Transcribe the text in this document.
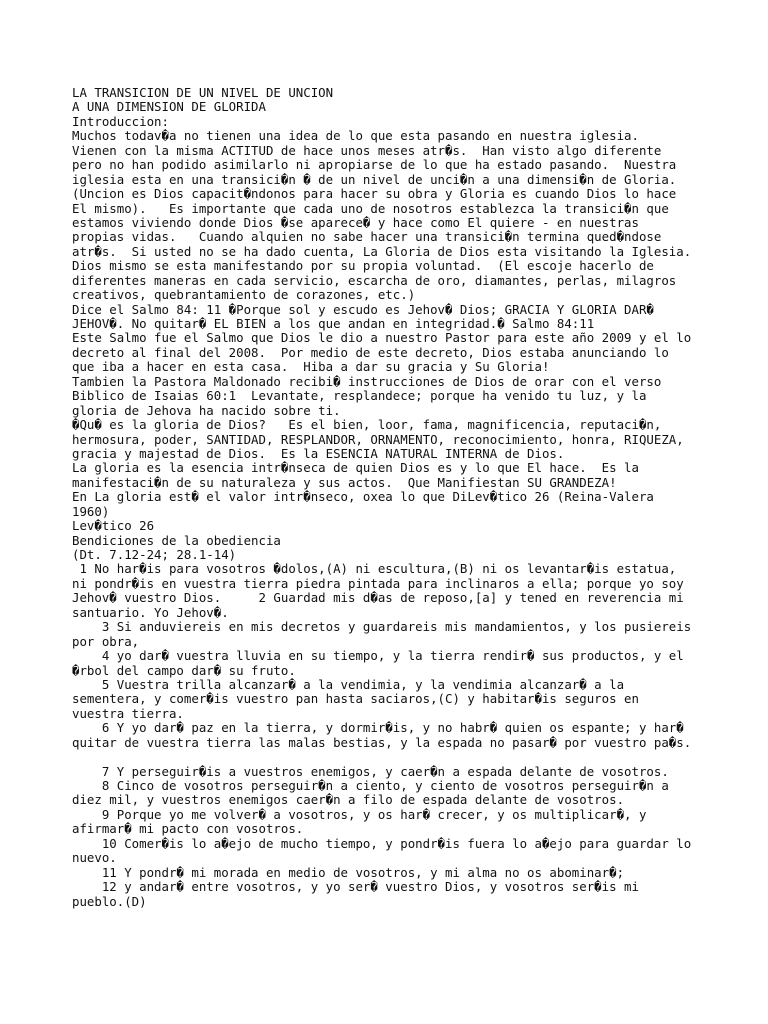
LA TRANSICION DE UN NIVEL DE UNCION
A UNA DIMENSION DE GLORIDA
Introduccion:
Muchos todav�a no tienen una idea de lo que esta pasando en nuestra iglesia.
Vienen con la misma ACTITUD de hace unos meses atr�s.  Han visto algo diferente
pero no han podido asimilarlo ni apropiarse de lo que ha estado pasando.  Nuestra
iglesia esta en una transici�n � de un nivel de unci�n a una dimensi�n de Gloria.
(Uncion es Dios capacit�ndonos para hacer su obra y Gloria es cuando Dios lo hace
El mismo).   Es importante que cada uno de nosotros establezca la transici�n que
estamos viviendo donde Dios �se aparece� y hace como El quiere - en nuestras
propias vidas.   Cuando alquien no sabe hacer una transici�n termina qued�ndose
atr�s.  Si usted no se ha dado cuenta, La Gloria de Dios esta visitando la Iglesia.
Dios mismo se esta manifestando por su propia voluntad.  (El escoje hacerlo de
diferentes maneras en cada servicio, escarcha de oro, diamantes, perlas, milagros
creativos, quebrantamiento de corazones, etc.)
Dice el Salmo 84: 11 �Porque sol y escudo es Jehov� Dios; GRACIA Y GLORIA DAR�
JEHOV�. No quitar� EL BIEN a los que andan en integridad.� Salmo 84:11
Este Salmo fue el Salmo que Dios le dio a nuestro Pastor para este año 2009 y el lo
decreto al final del 2008.  Por medio de este decreto, Dios estaba anunciando lo
que iba a hacer en esta casa.  Hiba a dar su gracia y Su Gloria!
Tambien la Pastora Maldonado recibi� instrucciones de Dios de orar con el verso
Biblico de Isaias 60:1  Levantate, resplandece; porque ha venido tu luz, y la
gloria de Jehova ha nacido sobre ti.
�Qu� es la gloria de Dios?   Es el bien, loor, fama, magnificencia, reputaci�n,
hermosura, poder, SANTIDAD, RESPLANDOR, ORNAMENTO, reconocimiento, honra, RIQUEZA,
gracia y majestad de Dios.  Es la ESENCIA NATURAL INTERNA de Dios.
La gloria es la esencia intr�nseca de quien Dios es y lo que El hace.  Es la
manifestaci�n de su naturaleza y sus actos.  Que Manifiestan SU GRANDEZA!
En La gloria est� el valor intr�nseco, oxea lo que DiLev�tico 26 (Reina-Valera
1960)
Lev�tico 26
Bendiciones de la obediencia
(Dt. 7.12-24; 28.1-14)
1 No har�is para vosotros �dolos,(A) ni escultura,(B) ni os levantar�is estatua,
ni pondr�is en vuestra tierra piedra pintada para inclinaros a ella; porque yo soy
Jehov� vuestro Dios.     2 Guardad mis d�as de reposo,[a] y tened en reverencia mi
santuario. Yo Jehov�.
3 Si anduviereis en mis decretos y guardareis mis mandamientos, y los pusiereis
por obra,
4 yo dar� vuestra lluvia en su tiempo, y la tierra rendir� sus productos, y el
�rbol del campo dar� su fruto.
5 Vuestra trilla alcanzar� a la vendimia, y la vendimia alcanzar� a la
sementera, y comer�is vuestro pan hasta saciaros,(C) y habitar�is seguros en
vuestra tierra.
6 Y yo dar� paz en la tierra, y dormir�is, y no habr� quien os espante; y har�
quitar de vuestra tierra las malas bestias, y la espada no pasar� por vuestro pa�s.
7 Y perseguir�is a vuestros enemigos, y caer�n a espada delante de vosotros.
8 Cinco de vosotros perseguir�n a ciento, y ciento de vosotros perseguir�n a
diez mil, y vuestros enemigos caer�n a filo de espada delante de vosotros.
9 Porque yo me volver� a vosotros, y os har� crecer, y os multiplicar�, y
afirmar� mi pacto con vosotros.
10 Comer�is lo a�ejo de mucho tiempo, y pondr�is fuera lo a�ejo para guardar lo
nuevo.
11 Y pondr� mi morada en medio de vosotros, y mi alma no os abominar�;
12 y andar� entre vosotros, y yo ser� vuestro Dios, y vosotros ser�is mi
pueblo.(D)
